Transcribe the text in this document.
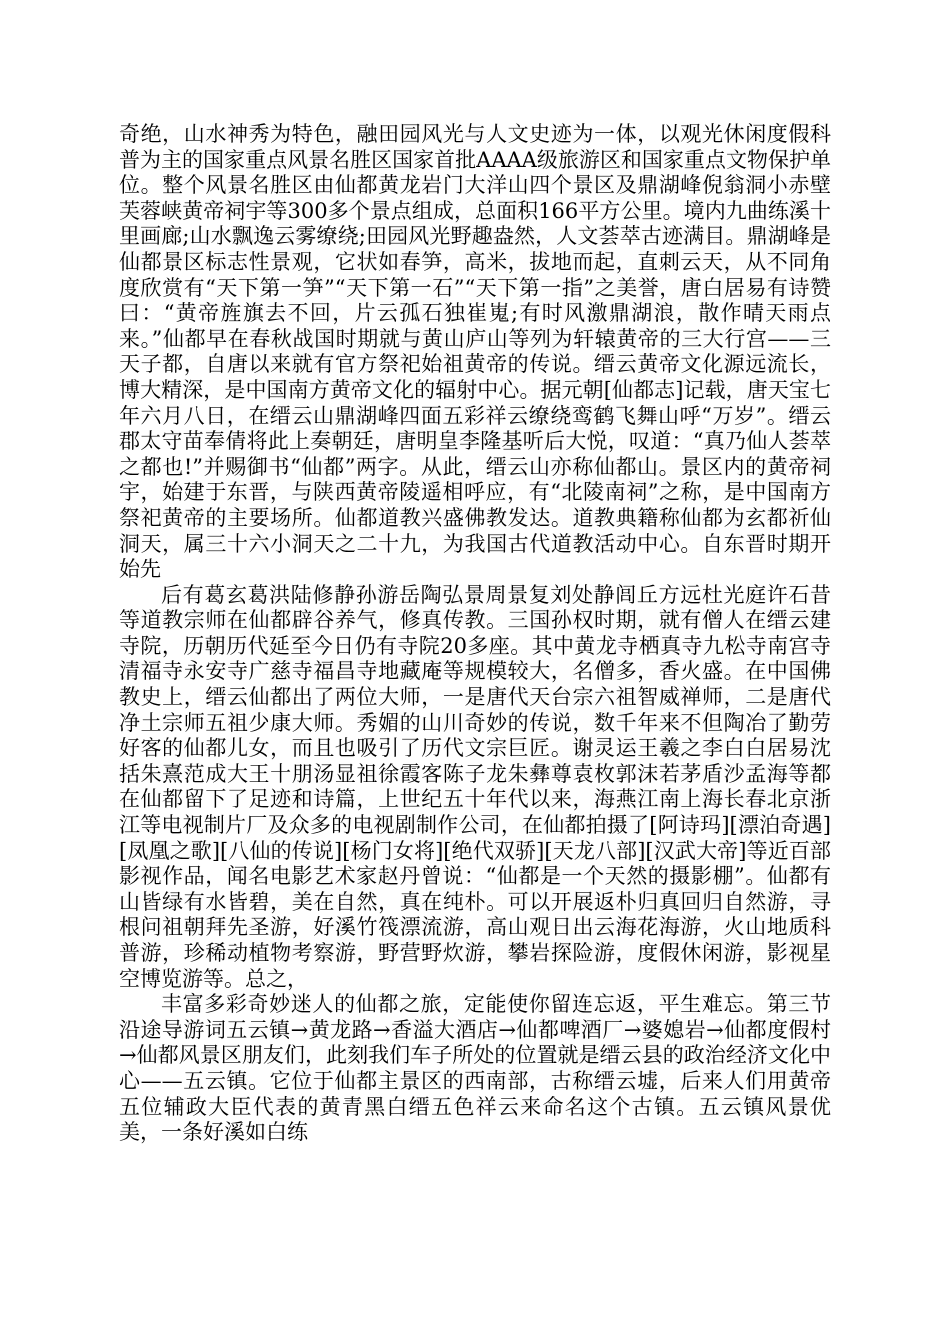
奇绝，山水神秀为特色，融田园风光与人文史迹为一体，以观光休闲度假科普为主的国家重点风景名胜区国家首批AAAA级旅游区和国家重点文物保护单位。整个风景名胜区由仙都黄龙岩门大洋山四个景区及鼎湖峰倪翁洞小赤壁芙蓉峡黄帝祠宇等300多个景点组成，总面积166平方公里。境内九曲练溪十里画廊;山水飘逸云雾缭绕;田园风光野趣盎然，人文荟萃古迹满目。鼎湖峰是仙都景区标志性景观，它状如春笋，高米，拔地而起，直刺云天，从不同角度欣赏有“天下第一笋”“天下第一石”“天下第一指”之美誉，唐白居易有诗赞曰：“黄帝旌旗去不回，片云孤石独崔嵬;有时风激鼎湖浪，散作晴天雨点来。”仙都早在春秋战国时期就与黄山庐山等列为轩辕黄帝的三大行宫——三天子都，自唐以来就有官方祭祀始祖黄帝的传说。缙云黄帝文化源远流长，博大精深，是中国南方黄帝文化的辐射中心。据元朝[仙都志]记载，唐天宝七年六月八日，在缙云山鼎湖峰四面五彩祥云缭绕鸾鹤飞舞山呼“万岁”。缙云郡太守苗奉倩将此上奏朝廷，唐明皇李隆基听后大悦，叹道：“真乃仙人荟萃之都也!”并赐御书“仙都”两字。从此，缙云山亦称仙都山。景区内的黄帝祠宇，始建于东晋，与陕西黄帝陵遥相呼应，有“北陵南祠”之称，是中国南方祭祀黄帝的主要场所。仙都道教兴盛佛教发达。道教典籍称仙都为玄都祈仙洞天，属三十六小洞天之二十九，为我国古代道教活动中心。自东晋时期开始先

后有葛玄葛洪陆修静孙游岳陶弘景周景复刘处静闾丘方远杜光庭许石昔等道教宗师在仙都辟谷养气，修真传教。三国孙权时期，就有僧人在缙云建寺院，历朝历代延至今日仍有寺院20多座。其中黄龙寺栖真寺九松寺南宫寺清福寺永安寺广慈寺福昌寺地藏庵等规模较大，名僧多，香火盛。在中国佛教史上，缙云仙都出了两位大师，一是唐代天台宗六祖智威禅师，二是唐代净土宗师五祖少康大师。秀媚的山川奇妙的传说，数千年来不但陶冶了勤劳好客的仙都儿女，而且也吸引了历代文宗巨匠。谢灵运王羲之李白白居易沈括朱熹范成大王十朋汤显祖徐霞客陈子龙朱彝尊袁枚郭沫若茅盾沙孟海等都在仙都留下了足迹和诗篇，上世纪五十年代以来，海燕江南上海长春北京浙江等电视制片厂及众多的电视剧制作公司，在仙都拍摄了[阿诗玛][漂泊奇遇][凤凰之歌][八仙的传说][杨门女将][绝代双骄][天龙八部][汉武大帝]等近百部影视作品，闻名电影艺术家赵丹曾说：“仙都是一个天然的摄影棚”。仙都有山皆绿有水皆碧，美在自然，真在纯朴。可以开展返朴归真回归自然游，寻根问祖朝拜先圣游，好溪竹筏漂流游，高山观日出云海花海游，火山地质科普游，珍稀动植物考察游，野营野炊游，攀岩探险游，度假休闲游，影视星空博览游等。总之，

丰富多彩奇妙迷人的仙都之旅，定能使你留连忘返，平生难忘。第三节沿途导游词五云镇→黄龙路→香溢大酒店→仙都啤酒厂→婆媳岩→仙都度假村→仙都风景区朋友们，此刻我们车子所处的位置就是缙云县的政治经济文化中心——五云镇。它位于仙都主景区的西南部，古称缙云墟，后来人们用黄帝五位辅政大臣代表的黄青黑白缙五色祥云来命名这个古镇。五云镇风景优美，一条好溪如白练
